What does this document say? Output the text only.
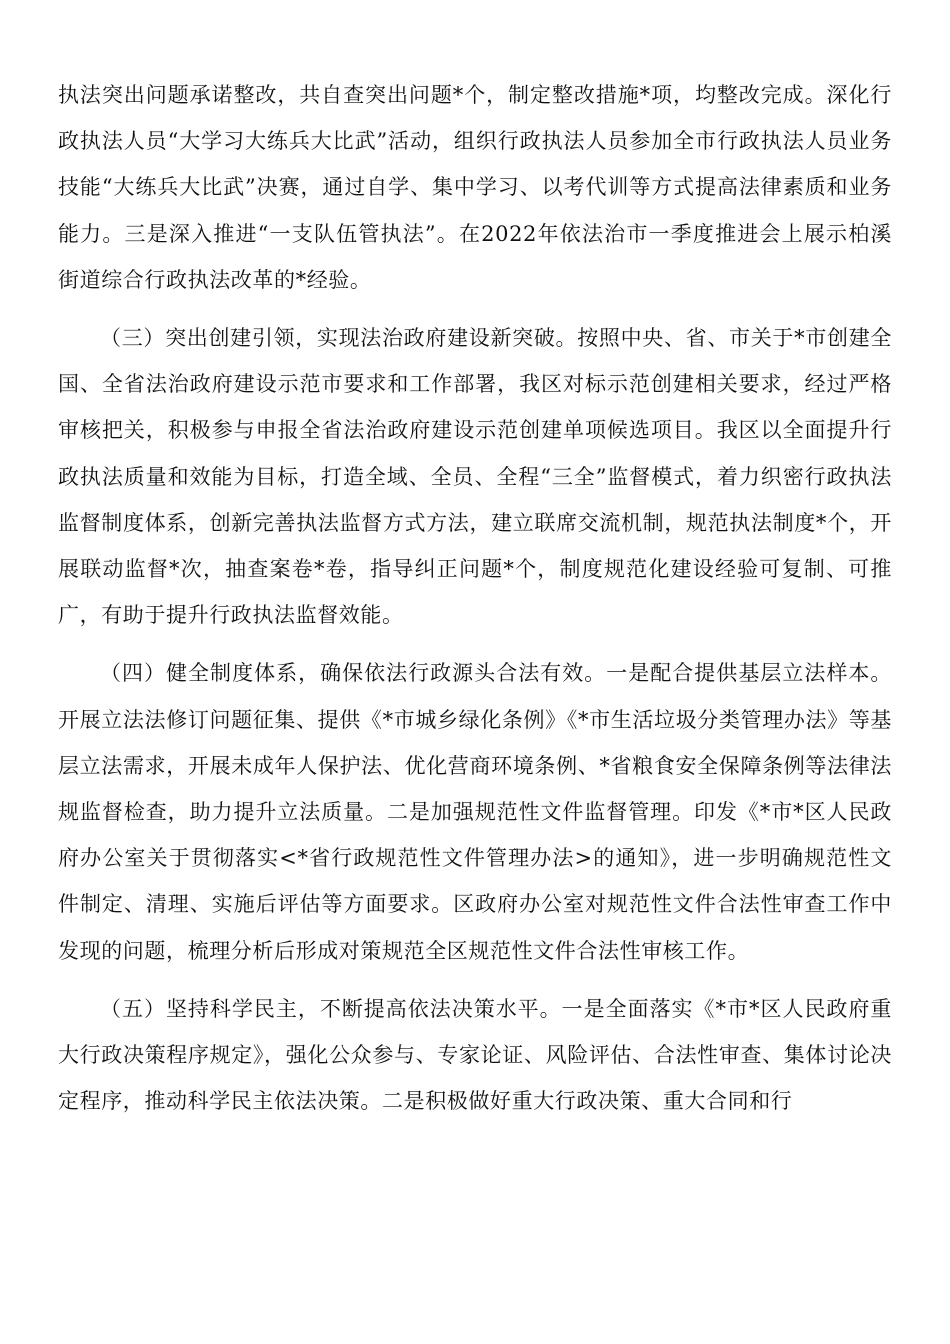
执法突出问题承诺整改，共自查突出问题*个，制定整改措施*项，均整改完成。深化行政执法人员“大学习大练兵大比武”活动，组织行政执法人员参加全市行政执法人员业务技能“大练兵大比武”决赛，通过自学、集中学习、以考代训等方式提高法律素质和业务能力。三是深入推进“一支队伍管执法”。在2022年依法治市一季度推进会上展示柏溪街道综合行政执法改革的*经验。

（三）突出创建引领，实现法治政府建设新突破。按照中央、省、市关于*市创建全国、全省法治政府建设示范市要求和工作部署，我区对标示范创建相关要求，经过严格审核把关，积极参与申报全省法治政府建设示范创建单项候选项目。我区以全面提升行政执法质量和效能为目标，打造全域、全员、全程“三全”监督模式，着力织密行政执法监督制度体系，创新完善执法监督方式方法，建立联席交流机制，规范执法制度*个，开展联动监督*次，抽查案卷*卷，指导纠正问题*个，制度规范化建设经验可复制、可推广，有助于提升行政执法监督效能。

（四）健全制度体系，确保依法行政源头合法有效。一是配合提供基层立法样本。开展立法法修订问题征集、提供《*市城乡绿化条例》《*市生活垃圾分类管理办法》等基层立法需求，开展未成年人保护法、优化营商环境条例、*省粮食安全保障条例等法律法规监督检查，助力提升立法质量。二是加强规范性文件监督管理。印发《*市*区人民政府办公室关于贯彻落实<*省行政规范性文件管理办法>的通知》，进一步明确规范性文件制定、清理、实施后评估等方面要求。区政府办公室对规范性文件合法性审查工作中发现的问题，梳理分析后形成对策规范全区规范性文件合法性审核工作。

（五）坚持科学民主，不断提高依法决策水平。一是全面落实《*市*区人民政府重大行政决策程序规定》，强化公众参与、专家论证、风险评估、合法性审查、集体讨论决定程序，推动科学民主依法决策。二是积极做好重大行政决策、重大合同和行
